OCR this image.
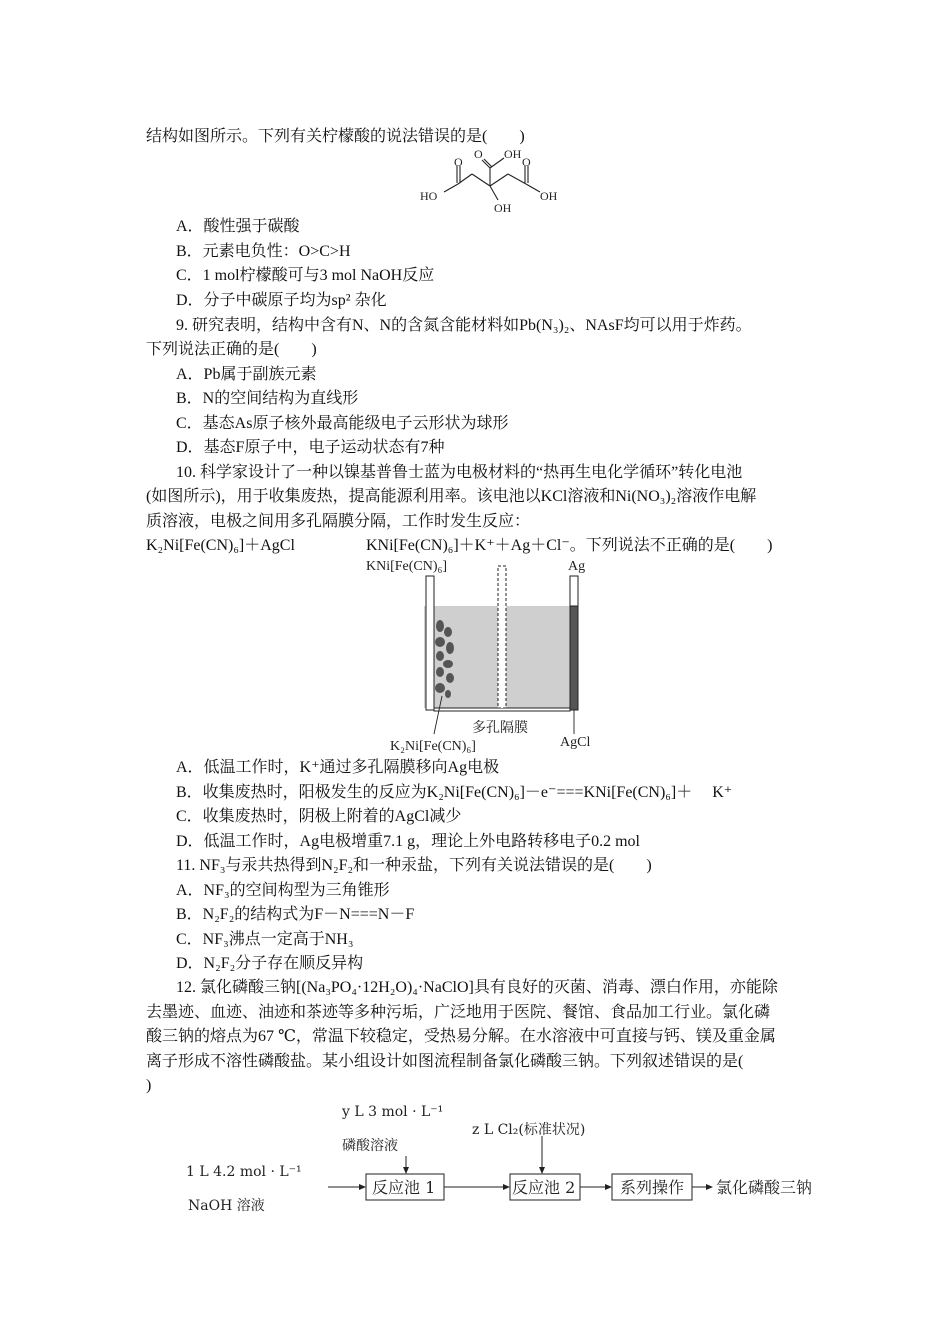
结构如图所示。下列有关柠檬酸的说法错误的是(　　)
O OH
O	O
HO	OH
OH
A．酸性强于碳酸
B．元素电负性：O>C>H
C．1 mol柠檬酸可与3 mol NaOH反应
D．分子中碳原子均为sp² 杂化
9. 研究表明，结构中含有N、N的含氮含能材料如Pb(N₃)₂、NAsF均可以用于炸药。
下列说法正确的是(　　)
A．Pb属于副族元素
B．N的空间结构为直线形
C．基态As原子核外最高能级电子云形状为球形
D．基态F原子中，电子运动状态有7种
10. 科学家设计了一种以镍基普鲁士蓝为电极材料的“热再生电化学循环”转化电池
(如图所示)，用于收集废热，提高能源利用率。该电池以KCl溶液和Ni(NO₃)₂溶液作电解
质溶液，电极之间用多孔隔膜分隔，工作时发生反应：
K₂Ni[Fe(CN)₆]＋AgCl	KNi[Fe(CN)₆]＋K⁺＋Ag＋Cl⁻。下列说法不正确的是(　　)
KNi[Fe(CN)₆]	Ag
多孔隔膜
K₂Ni[Fe(CN)₆]	AgCl
A．低温工作时，K⁺通过多孔隔膜移向Ag电极
B．收集废热时，阳极发生的反应为K₂Ni[Fe(CN)₆]－e⁻===KNi[Fe(CN)₆]＋　 K⁺
C．收集废热时，阴极上附着的AgCl减少
D．低温工作时，Ag电极增重7.1 g，理论上外电路转移电子0.2 mol
11. NF₃与汞共热得到N₂F₂和一种汞盐，下列有关说法错误的是(　　)
A．NF₃的空间构型为三角锥形
B．N₂F₂的结构式为F－N===N－F
C．NF₃沸点一定高于NH₃
D．N₂F₂分子存在顺反异构
12. 氯化磷酸三钠[(Na₃PO₄·12H₂O)₄·NaClO]具有良好的灭菌、消毒、漂白作用，亦能除
去墨迹、血迹、油迹和茶迹等多种污垢，广泛地用于医院、餐馆、食品加工行业。氯化磷
酸三钠的熔点为67 ℃，常温下较稳定，受热易分解。在水溶液中可直接与钙、镁及重金属
离子形成不溶性磷酸盐。某小组设计如图流程制备氯化磷酸三钠。下列叙述错误的是(
)
y L 3 mol · L⁻¹
磷酸溶液
z L Cl₂(标准状况)
1 L 4.2 mol · L⁻¹
NaOH 溶液
反应池 1	反应池 2	系列操作 氯化磷酸三钠
